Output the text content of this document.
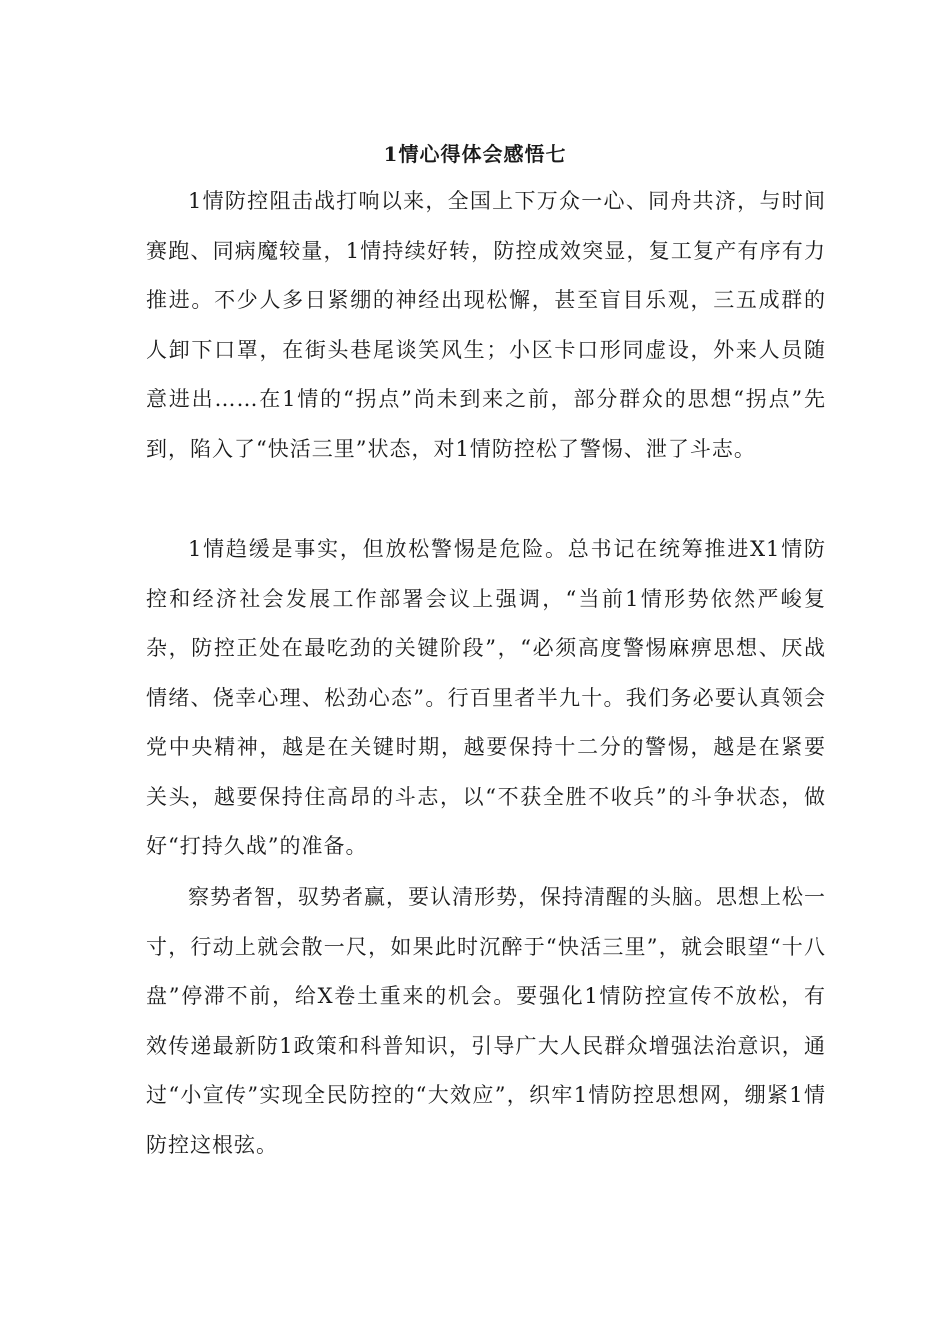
1情心得体会感悟七

1情防控阻击战打响以来，全国上下万众一心、同舟共济，与时间赛跑、同病魔较量，1情持续好转，防控成效突显，复工复产有序有力推进。不少人多日紧绷的神经出现松懈，甚至盲目乐观，三五成群的人卸下口罩，在街头巷尾谈笑风生；小区卡口形同虚设，外来人员随意进出……在1情的“拐点”尚未到来之前，部分群众的思想“拐点”先到，陷入了“快活三里”状态，对1情防控松了警惕、泄了斗志。

1情趋缓是事实，但放松警惕是危险。总书记在统筹推进X1情防控和经济社会发展工作部署会议上强调，“当前1情形势依然严峻复杂，防控正处在最吃劲的关键阶段”，“必须高度警惕麻痹思想、厌战情绪、侥幸心理、松劲心态”。行百里者半九十。我们务必要认真领会党中央精神，越是在关键时期，越要保持十二分的警惕，越是在紧要关头，越要保持住高昂的斗志，以“不获全胜不收兵”的斗争状态，做好“打持久战”的准备。

察势者智，驭势者赢，要认清形势，保持清醒的头脑。思想上松一寸，行动上就会散一尺，如果此时沉醉于“快活三里”，就会眼望“十八盘”停滞不前，给X卷土重来的机会。要强化1情防控宣传不放松，有效传递最新防1政策和科普知识，引导广大人民群众增强法治意识，通过“小宣传”实现全民防控的“大效应”，织牢1情防控思想网，绷紧1情防控这根弦。
